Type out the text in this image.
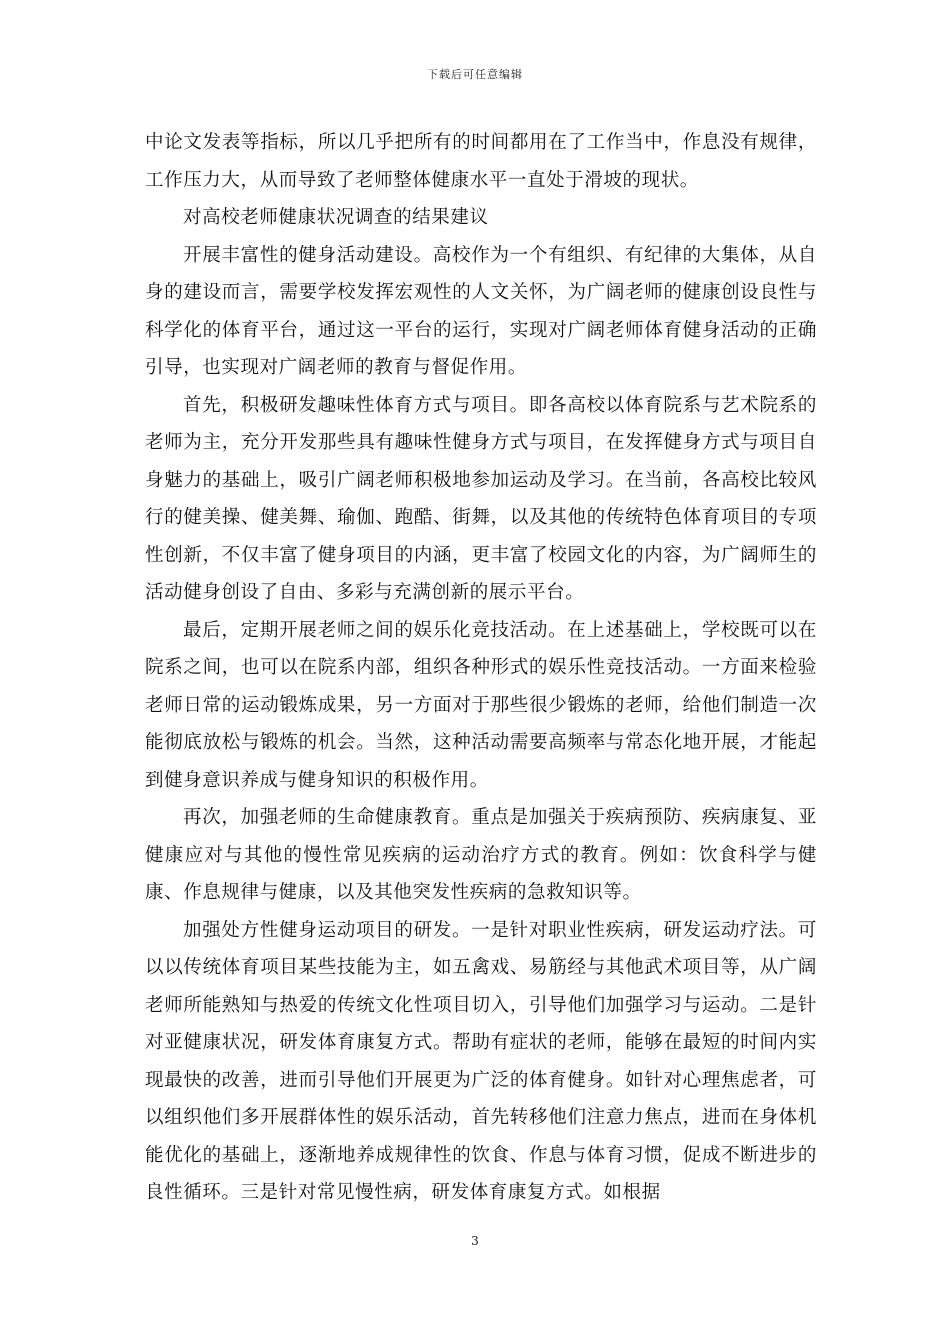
下载后可任意编辑

中论文发表等指标，所以几乎把所有的时间都用在了工作当中，作息没有规律，工作压力大，从而导致了老师整体健康水平一直处于滑坡的现状。

对高校老师健康状况调查的结果建议

开展丰富性的健身活动建设。高校作为一个有组织、有纪律的大集体，从自身的建设而言，需要学校发挥宏观性的人文关怀，为广阔老师的健康创设良性与科学化的体育平台，通过这一平台的运行，实现对广阔老师体育健身活动的正确引导，也实现对广阔老师的教育与督促作用。

首先，积极研发趣味性体育方式与项目。即各高校以体育院系与艺术院系的老师为主，充分开发那些具有趣味性健身方式与项目，在发挥健身方式与项目自身魅力的基础上，吸引广阔老师积极地参加运动及学习。在当前，各高校比较风行的健美操、健美舞、瑜伽、跑酷、街舞，以及其他的传统特色体育项目的专项性创新，不仅丰富了健身项目的内涵，更丰富了校园文化的内容，为广阔师生的活动健身创设了自由、多彩与充满创新的展示平台。

最后，定期开展老师之间的娱乐化竞技活动。在上述基础上，学校既可以在院系之间，也可以在院系内部，组织各种形式的娱乐性竞技活动。一方面来检验老师日常的运动锻炼成果，另一方面对于那些很少锻炼的老师，给他们制造一次能彻底放松与锻炼的机会。当然，这种活动需要高频率与常态化地开展，才能起到健身意识养成与健身知识的积极作用。

再次，加强老师的生命健康教育。重点是加强关于疾病预防、疾病康复、亚健康应对与其他的慢性常见疾病的运动治疗方式的教育。例如：饮食科学与健康、作息规律与健康，以及其他突发性疾病的急救知识等。

加强处方性健身运动项目的研发。一是针对职业性疾病，研发运动疗法。可以以传统体育项目某些技能为主，如五禽戏、易筋经与其他武术项目等，从广阔老师所能熟知与热爱的传统文化性项目切入，引导他们加强学习与运动。二是针对亚健康状况，研发体育康复方式。帮助有症状的老师，能够在最短的时间内实现最快的改善，进而引导他们开展更为广泛的体育健身。如针对心理焦虑者，可以组织他们多开展群体性的娱乐活动，首先转移他们注意力焦点，进而在身体机能优化的基础上，逐渐地养成规律性的饮食、作息与体育习惯，促成不断进步的良性循环。三是针对常见慢性病，研发体育康复方式。如根据

3
